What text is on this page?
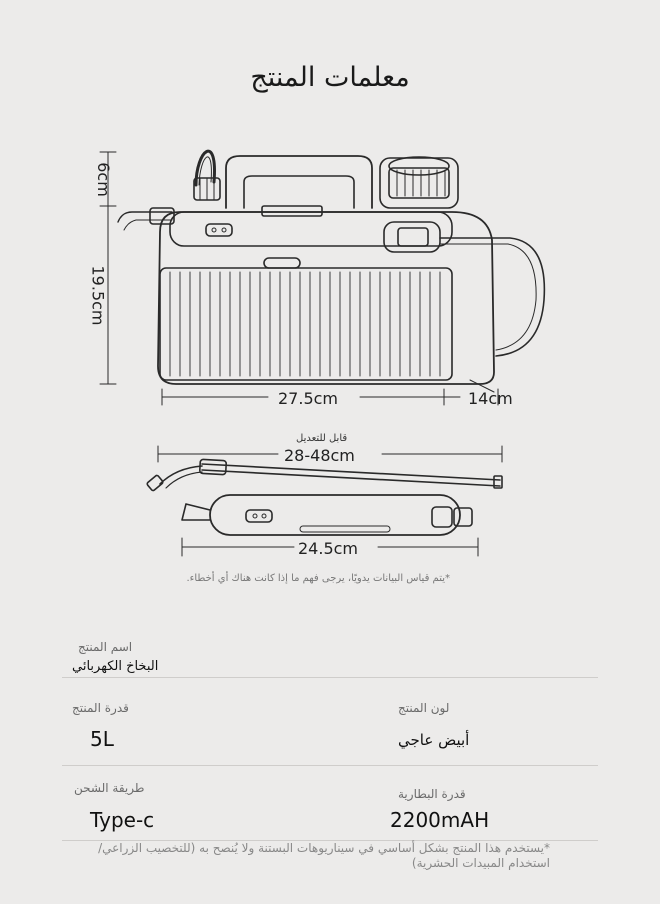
معلمات المنتج
6cm
19.5cm
27.5cm	14cm
قابل للتعديل
28-48cm
24.5cm
*يتم قياس البيانات يدويًا، يرجى فهم ما إذا كانت هناك أي أخطاء.
اسم المنتج
البخاخ الكهربائي
قدرة المنتج
5L
لون المنتج
أبيض عاجي
طريقة الشحن
Type-c
قدرة البطارية
2200mAH
*يستخدم هذا المنتج بشكل أساسي في سيناريوهات البستنة ولا يُنصح به (للتخصيب الزراعي/استخدام المبيدات الحشرية)
